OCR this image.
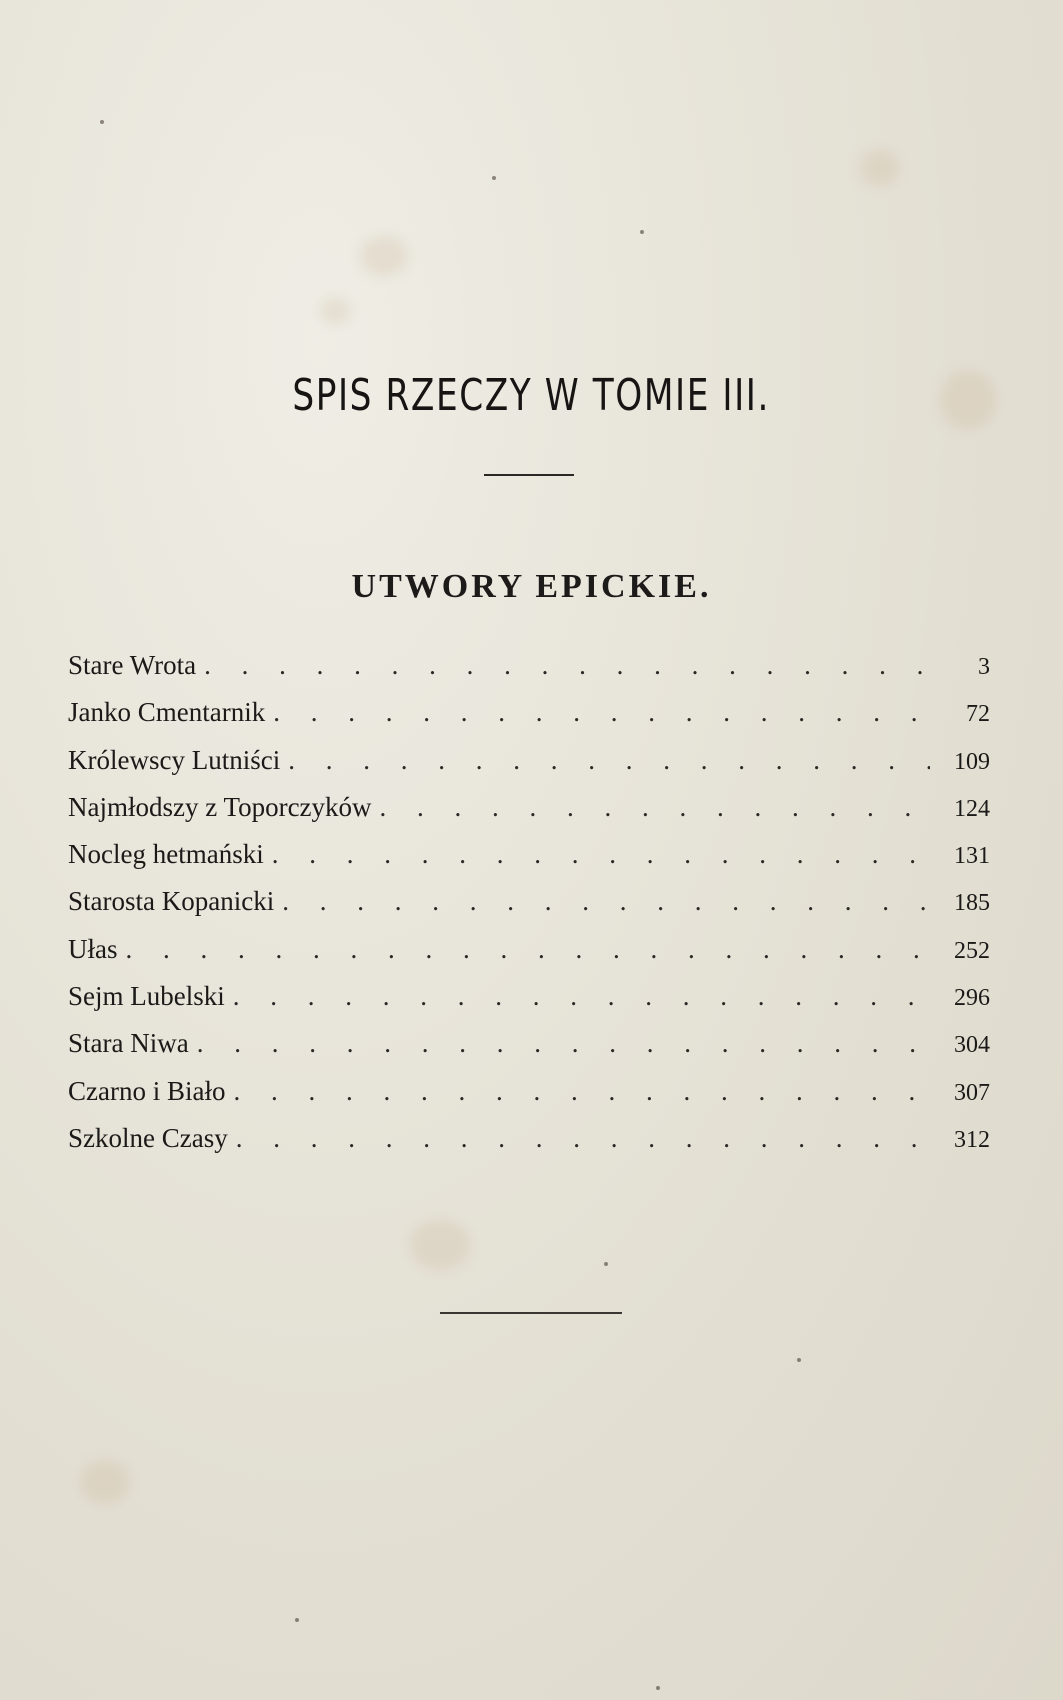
SPIS RZECZY W TOMIE III.
UTWORY EPICKIE.
Stare Wrota . . .	3
Janko Cmentarnik . . .	72
Królewscy Lutniści . . .	109
Najmłodszy z Toporczyków . . .	124
Nocleg hetmański . . .	131
Starosta Kopanicki . . .	185
Ułas . . .	252
Sejm Lubelski . . .	296
Stara Niwa . . .	304
Czarno i Biało . . .	307
Szkolne Czasy . . .	312
